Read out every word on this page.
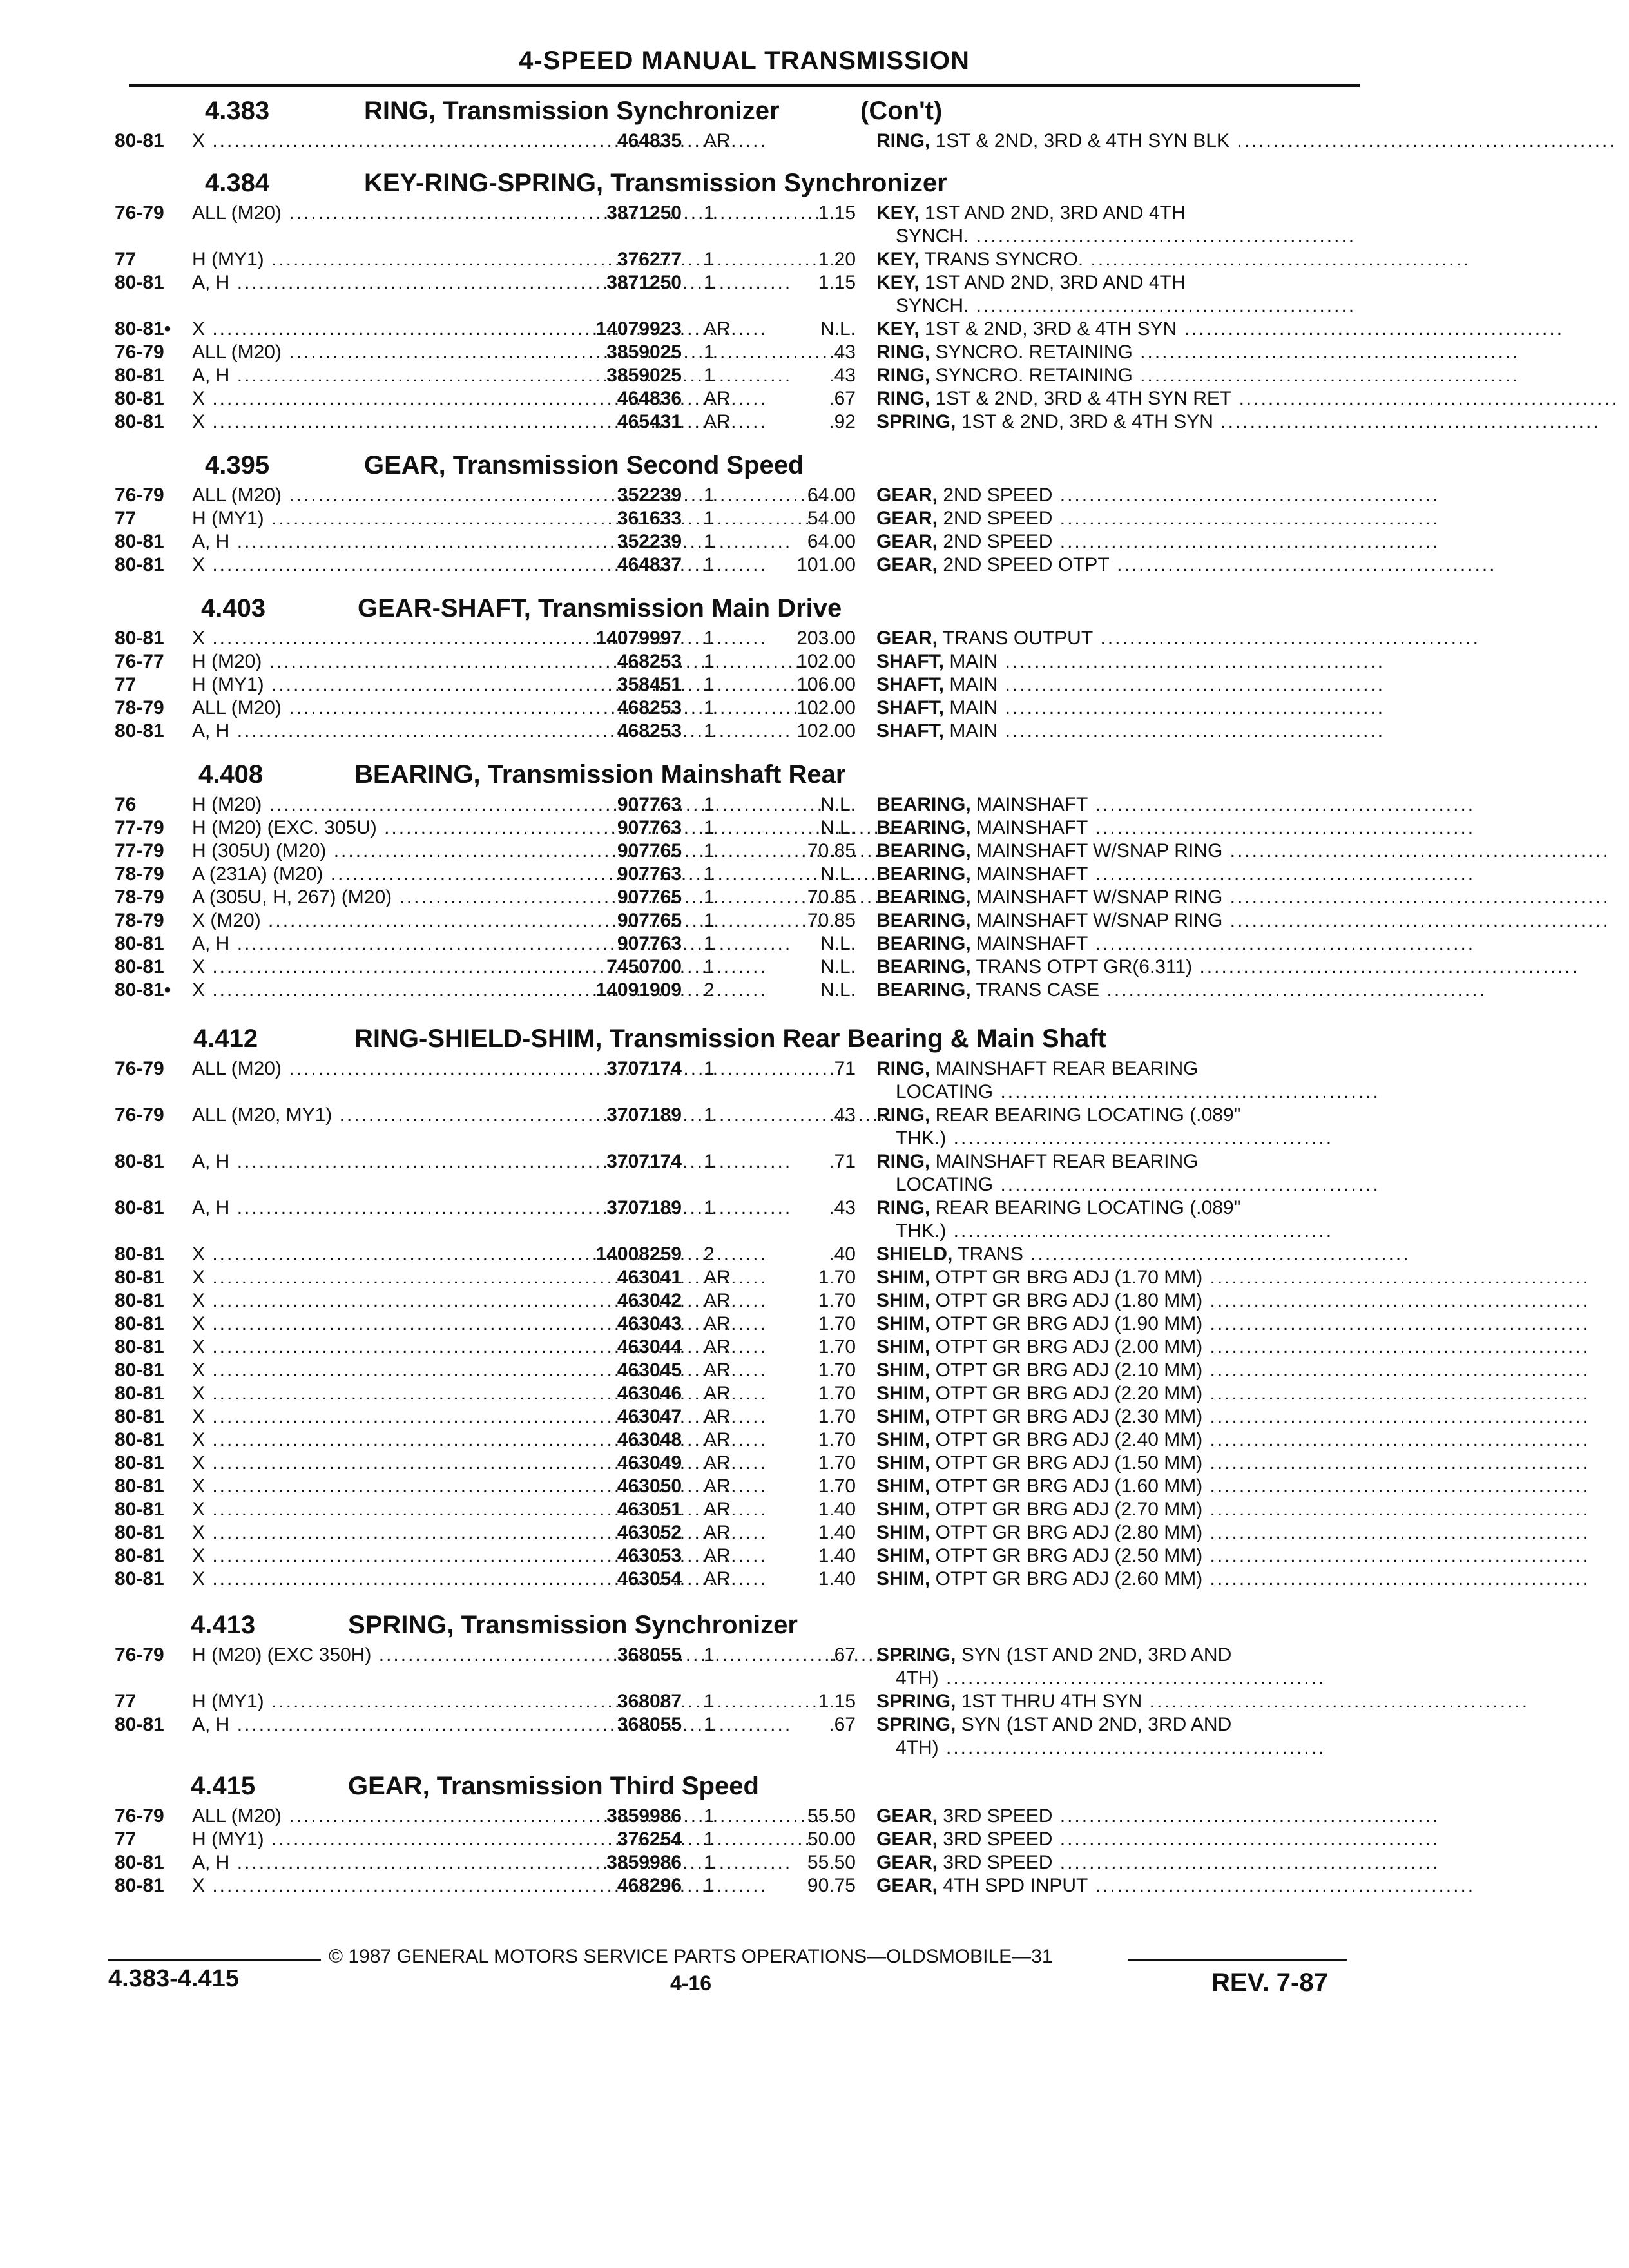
4-SPEED MANUAL TRANSMISSION
4.383	RING, Transmission Synchronizer	(Con't)
80-81 X .....	464835 AR	RING, 1ST & 2ND, 3RD & 4TH SYN BLK ....................................................
4.384	KEY-RING-SPRING, Transmission Synchronizer
76-79 ALL (M20) .....	3871250 1	1.15 KEY, 1ST AND 2ND, 3RD AND 4TH
SYNCH. ....................................................
77	H (MY1) .....	376277 1	1.20 KEY, TRANS SYNCRO. ....................................................
80-81 A, H .....	3871250 1	1.15 KEY, 1ST AND 2ND, 3RD AND 4TH
SYNCH. ....................................................
80-81• X .....	14079923 AR	N.L. KEY, 1ST & 2ND, 3RD & 4TH SYN ....................................................
76-79 ALL (M20) .....	3859025 1	.43 RING, SYNCRO. RETAINING ....................................................
80-81 A, H .....	3859025 1	.43 RING, SYNCRO. RETAINING ....................................................
80-81 X .....	464836 AR	.67 RING, 1ST & 2ND, 3RD & 4TH SYN RET ....................................................
80-81 X .....	465431 AR	.92 SPRING, 1ST & 2ND, 3RD & 4TH SYN ....................................................
4.395	GEAR, Transmission Second Speed
76-79 ALL (M20) .....	352239 1	64.00 GEAR, 2ND SPEED ....................................................
77	H (MY1) .....	361633 1	54.00 GEAR, 2ND SPEED ....................................................
80-81 A, H .....	352239 1	64.00 GEAR, 2ND SPEED ....................................................
80-81 X .....	464837 1	101.00 GEAR, 2ND SPEED OTPT ....................................................
4.403	GEAR-SHAFT, Transmission Main Drive
80-81 X .....	14079997 1	203.00 GEAR, TRANS OUTPUT ....................................................
76-77 H (M20) .....	468253 1	102.00 SHAFT, MAIN ....................................................
77	H (MY1) .....	358451 1	106.00 SHAFT, MAIN ....................................................
78-79 ALL (M20) .....	468253 1	102.00 SHAFT, MAIN ....................................................
80-81 A, H .....	468253 1	102.00 SHAFT, MAIN ....................................................
4.408	BEARING, Transmission Mainshaft Rear
76	H (M20) .....	907763 1	N.L. BEARING, MAINSHAFT ....................................................
77-79 H (M20) (EXC. 305U) .....	907763 1	N.L. BEARING, MAINSHAFT ....................................................
77-79 H (305U) (M20) .....	907765 1	70.85 BEARING, MAINSHAFT W/SNAP RING ....................................................
78-79 A (231A) (M20) .....	907763 1	N.L. BEARING, MAINSHAFT ....................................................
78-79 A (305U, H, 267) (M20) .....	907765 1	70.85 BEARING, MAINSHAFT W/SNAP RING ....................................................
78-79 X (M20) .....	907765 1	70.85 BEARING, MAINSHAFT W/SNAP RING ....................................................
80-81 A, H .....	907763 1	N.L. BEARING, MAINSHAFT ....................................................
80-81 X .....	7450700 1	N.L. BEARING, TRANS OTPT GR(6.311) ....................................................
80-81• X .....	14091909 2	N.L. BEARING, TRANS CASE ....................................................
4.412	RING-SHIELD-SHIM, Transmission Rear Bearing & Main Shaft
76-79 ALL (M20) .....	3707174 1	.71 RING, MAINSHAFT REAR BEARING
LOCATING ....................................................
76-79 ALL (M20, MY1) .....	3707189 1	.43 RING, REAR BEARING LOCATING (.089"
THK.) ....................................................
80-81 A, H .....	3707174 1	.71 RING, MAINSHAFT REAR BEARING
LOCATING ....................................................
80-81 A, H .....	3707189 1	.43 RING, REAR BEARING LOCATING (.089"
THK.) ....................................................
80-81 X .....	14008259 2	.40 SHIELD, TRANS ....................................................
80-81 X .....	463041 AR	1.70 SHIM, OTPT GR BRG ADJ (1.70 MM) ....................................................
80-81 X .....	463042 AR	1.70 SHIM, OTPT GR BRG ADJ (1.80 MM) ....................................................
80-81 X .....	463043 AR	1.70 SHIM, OTPT GR BRG ADJ (1.90 MM) ....................................................
80-81 X .....	463044 AR	1.70 SHIM, OTPT GR BRG ADJ (2.00 MM) ....................................................
80-81 X .....	463045 AR	1.70 SHIM, OTPT GR BRG ADJ (2.10 MM) ....................................................
80-81 X .....	463046 AR	1.70 SHIM, OTPT GR BRG ADJ (2.20 MM) ....................................................
80-81 X .....	463047 AR	1.70 SHIM, OTPT GR BRG ADJ (2.30 MM) ....................................................
80-81 X .....	463048 AR	1.70 SHIM, OTPT GR BRG ADJ (2.40 MM) ....................................................
80-81 X .....	463049 AR	1.70 SHIM, OTPT GR BRG ADJ (1.50 MM) ....................................................
80-81 X .....	463050 AR	1.70 SHIM, OTPT GR BRG ADJ (1.60 MM) ....................................................
80-81 X .....	463051 AR	1.40 SHIM, OTPT GR BRG ADJ (2.70 MM) ....................................................
80-81 X .....	463052 AR	1.40 SHIM, OTPT GR BRG ADJ (2.80 MM) ....................................................
80-81 X .....	463053 AR	1.40 SHIM, OTPT GR BRG ADJ (2.50 MM) ....................................................
80-81 X .....	463054 AR	1.40 SHIM, OTPT GR BRG ADJ (2.60 MM) ....................................................
4.413	SPRING, Transmission Synchronizer
76-79 H (M20) (EXC 350H) .....	368055 1	.67 SPRING, SYN (1ST AND 2ND, 3RD AND
4TH) ....................................................
77	H (MY1) .....	368087 1	1.15 SPRING, 1ST THRU 4TH SYN ....................................................
80-81 A, H .....	368055 1	.67 SPRING, SYN (1ST AND 2ND, 3RD AND
4TH) ....................................................
4.415	GEAR, Transmission Third Speed
76-79 ALL (M20) .....	3859986 1	55.50 GEAR, 3RD SPEED ....................................................
77	H (MY1) .....	376254 1	50.00 GEAR, 3RD SPEED ....................................................
80-81 A, H .....	3859986 1	55.50 GEAR, 3RD SPEED ....................................................
80-81 X .....	468296 1	90.75 GEAR, 4TH SPD INPUT ....................................................
© 1987 GENERAL MOTORS SERVICE PARTS OPERATIONS—OLDSMOBILE—31
4.383-4.415	4-16	REV. 7-87
